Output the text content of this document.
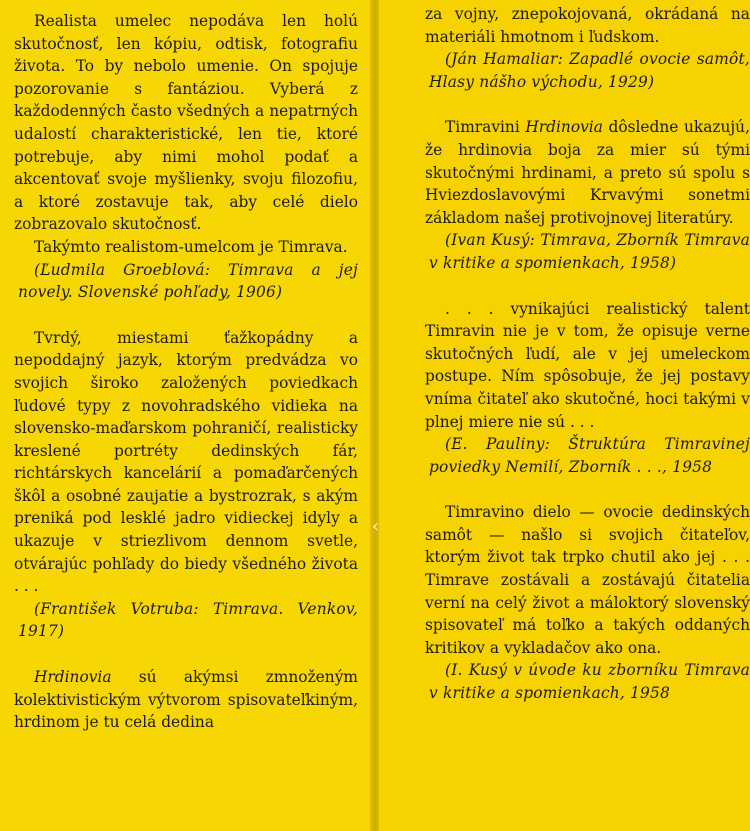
Realista umelec nepodáva len holú skutočnosť, len kópiu, odtisk, fotografiu života. To by nebolo umenie. On spojuje pozorovanie s fantáziou. Vyberá z každodenných často všedných a nepatrných udalostí charakteristické, len tie, ktoré potrebuje, aby nimi mohol podať a akcentovať svoje myšlienky, svoju filozofiu, a ktoré zostavuje tak, aby celé dielo zobrazovalo skutočnosť.

Takýmto realistom-umelcom je Timrava.

(Ľudmila Groeblová: Timrava a jej novely. Slovenské pohľady, 1906)

Tvrdý, miestami ťažkopádny a nepoddajný jazyk, ktorým predvádza vo svojich široko založených poviedkach ľudové typy z novohradského vidieka na slovensko-maďarskom pohraničí, realisticky kreslené portréty dedinských fár, richtárskych kancelárií a pomaďarčených škôl a osobné zaujatie a bystrozrak, s akým preniká pod lesklé jadro vidieckej idyly a ukazuje v striezlivom dennom svetle, otvárajúc pohľady do biedy všedného života . . .

(František Votruba: Timrava. Venkov, 1917)

Hrdinovia sú akýmsi zmnoženým kolektivistickým výtvorom spisovateľkiným, hrdinom je tu celá dedina

‹

za vojny, znepokojovaná, okrádaná na materiáli hmotnom i ľudskom.

(Ján Hamaliar: Zapadlé ovocie samôt, Hlasy nášho východu, 1929)

Timravini Hrdinovia dôsledne ukazujú, že hrdinovia boja za mier sú tými skutočnými hrdinami, a preto sú spolu s Hviezdoslavovými Krvavými sonetmi základom našej protivojnovej literatúry.

(Ivan Kusý: Timrava, Zborník Timrava v kritike a spomienkach, 1958)

. . . vynikajúci realistický talent Timravin nie je v tom, že opisuje verne skutočných ľudí, ale v jej umeleckom postupe. Ním spôsobuje, že jej postavy vníma čitateľ ako skutočné, hoci takými v plnej miere nie sú . . .

(E. Pauliny: Štruktúra Timravinej poviedky Nemilí, Zborník . . ., 1958

Timravino dielo — ovocie dedinských samôt — našlo si svojich čitateľov, ktorým život tak trpko chutil ako jej . . . Timrave zostávali a zostávajú čitatelia verní na celý život a máloktorý slovenský spisovateľ má toľko a takých oddaných kritikov a vykladačov ako ona.

(I. Kusý v úvode ku zborníku Timrava v kritike a spomienkach, 1958
